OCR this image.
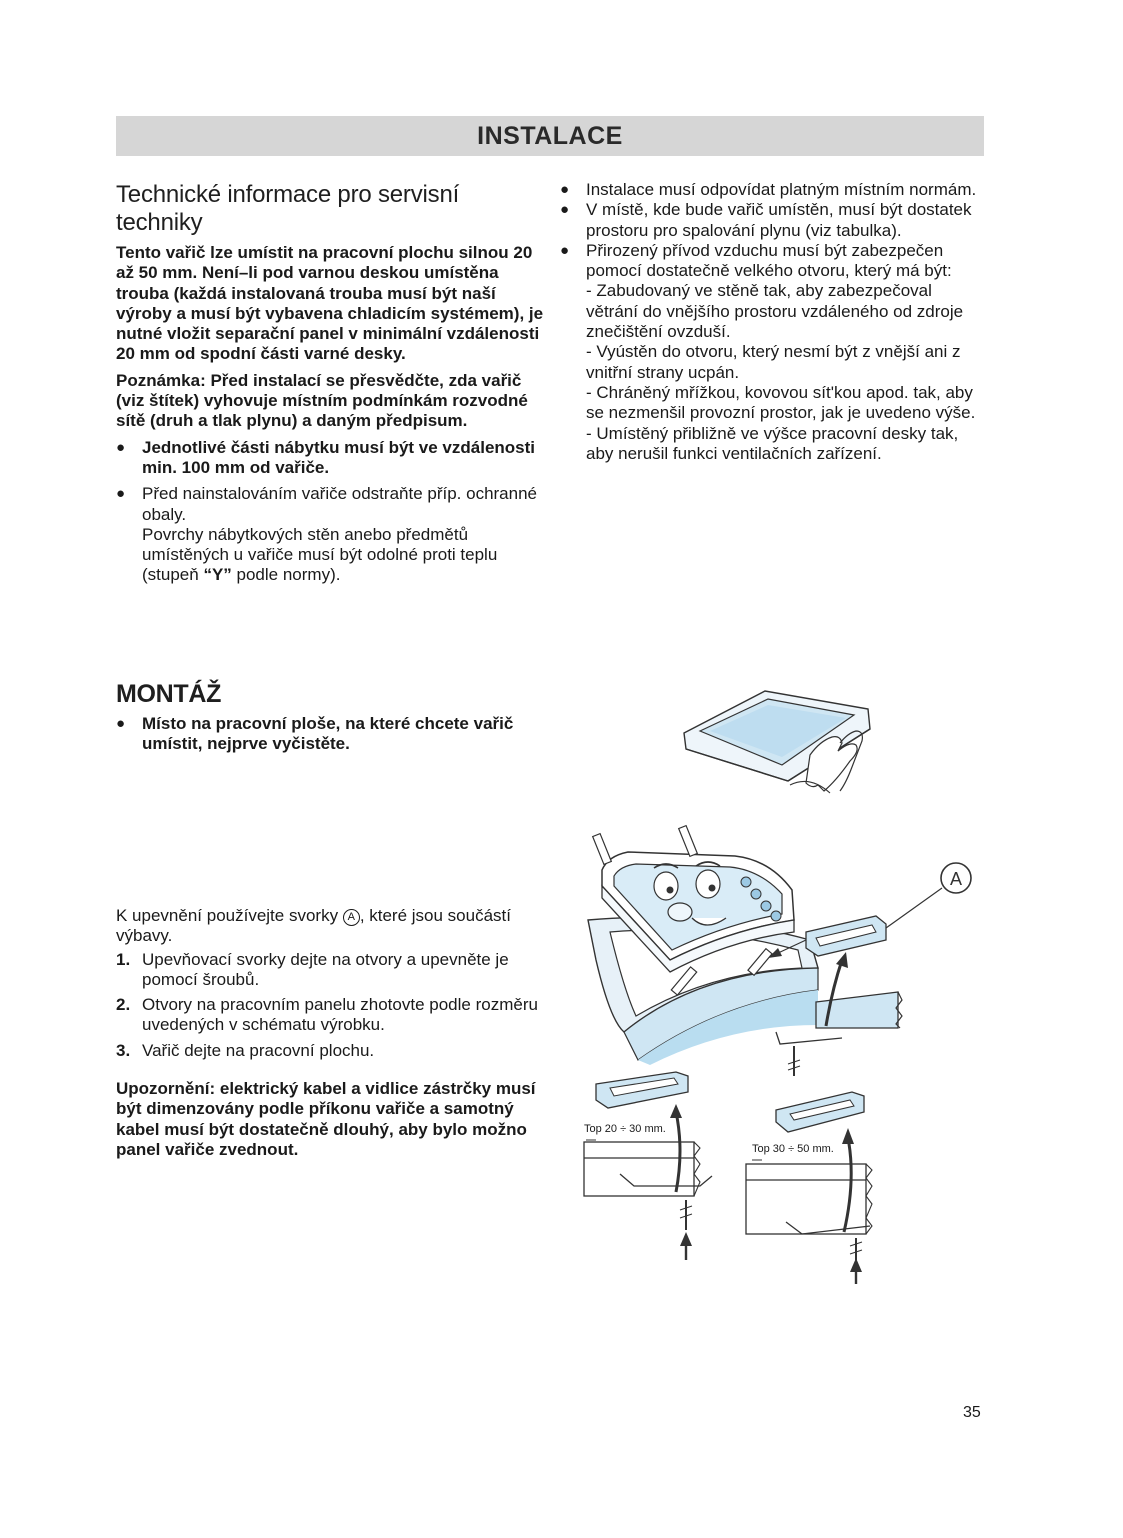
INSTALACE
Technické informace pro servisní techniky

Tento vařič lze umístit na pracovní plochu silnou 20 až 50 mm. Není–li pod varnou deskou umístěna trouba (každá instalovaná trouba musí být naší výroby a musí být vybavena chladicím systémem), je nutné vložit separační panel v minimální vzdálenosti 20 mm od spodní části varné desky.

Poznámka: Před instalací se přesvědčte, zda vařič (viz štítek) vyhovuje místním podmínkám rozvodné sítě (druh a tlak plynu) a daným předpisum.

● Jednotlivé části nábytku musí být ve vzdálenosti min. 100 mm od vařiče.
● Před nainstalováním vařiče odstraňte příp. ochranné obaly.
Povrchy nábytkových stěn anebo předmětů umístěných u vařiče musí být odolné proti teplu (stupeň “Y” podle normy).
● Instalace musí odpovídat platným místním normám.
● V místě, kde bude vařič umístěn, musí být dostatek prostoru pro spalování plynu (viz tabulka).
● Přirozený přívod vzduchu musí být zabezpečen pomocí dostatečně velkého otvoru, který má být:
- Zabudovaný ve stěně tak, aby zabezpečoval větrání do vnějšího prostoru vzdáleného od zdroje znečištění ovzduší.
- Vyústěn do otvoru, který nesmí být z vnější ani z vnitřní strany ucpán.
- Chráněný mřížkou, kovovou sít'kou apod. tak, aby se nezmenšil provozní prostor, jak je uvedeno výše.
- Umístěný přibližně ve výšce pracovní desky tak, aby nerušil funkci ventilačních zařízení.
MONTÁŽ
● Místo na pracovní ploše, na které chcete vařič umístit, nejprve vyčistěte.

K upevnění používejte svorky A , které jsou součástí výbavy.

1. Upevňovací svorky dejte na otvory a upevněte je pomocí šroubů.
2. Otvory na pracovním panelu zhotovte podle rozměru uvedených v schématu výrobku.
3. Vařič dejte na pracovní plochu.

Upozornění: elektrický kabel a vidlice zástrčky musí být dimenzovány podle příkonu vařiče a samotný kabel musí být dostatečně dlouhý, aby bylo možno panel vařiče zvednout.

A
Top 20 ÷ 30 mm.
Top 30 ÷ 50 mm.
35
